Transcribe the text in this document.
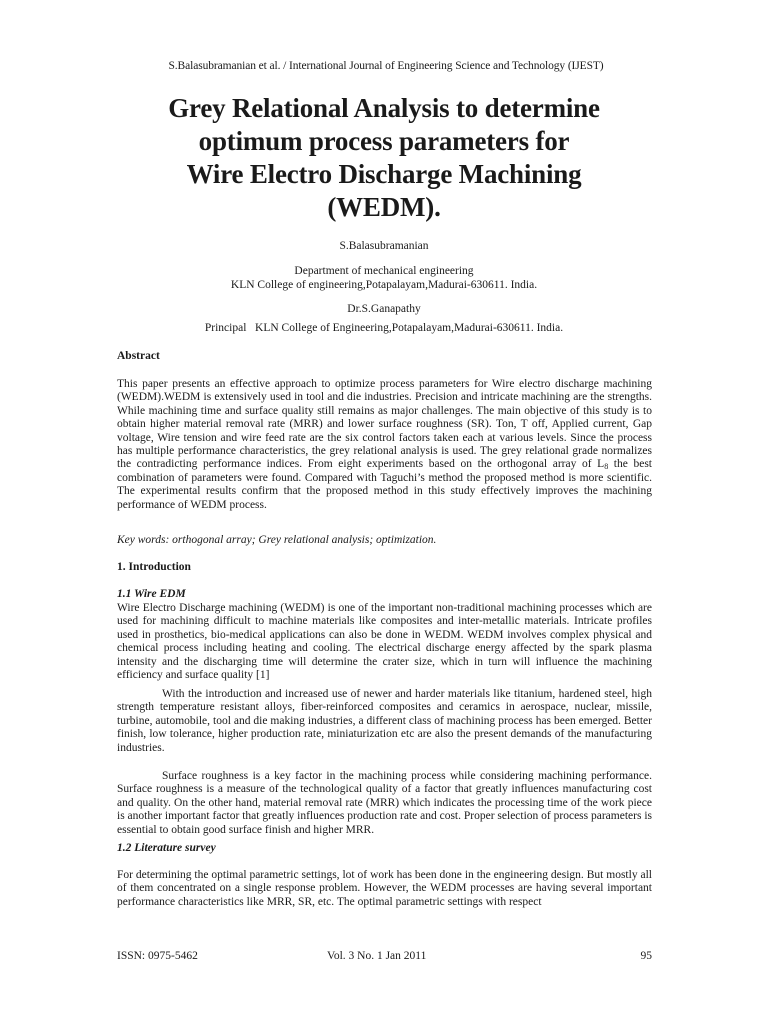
S.Balasubramanian et al. / International Journal of Engineering Science and Technology (IJEST)
Grey Relational Analysis to determine
optimum process parameters for
Wire Electro Discharge Machining
(WEDM).
S.Balasubramanian
Department of mechanical engineering
KLN College of engineering,Potapalayam,Madurai-630611. India.
Dr.S.Ganapathy
Principal   KLN College of Engineering,Potapalayam,Madurai-630611. India.
Abstract
This paper presents an effective approach to optimize process parameters for Wire electro discharge machining (WEDM).WEDM is extensively used in tool and die industries. Precision and intricate machining are the strengths. While machining time and surface quality still remains as major challenges. The main objective of this study is to obtain higher material removal rate (MRR) and lower surface roughness (SR). Ton, T off, Applied current, Gap voltage, Wire tension and wire feed rate are the six control factors taken each at various levels. Since the process has multiple performance characteristics, the grey relational analysis is used. The grey relational grade normalizes the contradicting performance indices. From eight experiments based on the orthogonal array of $L_8$ the best combination of parameters were found. Compared with Taguchi’s method the proposed method is more scientific. The experimental results confirm that the proposed method in this study effectively improves the machining performance of WEDM process.
Key words: orthogonal array; Grey relational analysis; optimization.
1. Introduction
1.1 Wire EDM
Wire Electro Discharge machining (WEDM) is one of the important non-traditional machining processes which are used for machining difficult to machine materials like composites and inter-metallic materials. Intricate profiles used in prosthetics, bio-medical applications can also be done in WEDM. WEDM involves complex physical and chemical process including heating and cooling. The electrical discharge energy affected by the spark plasma intensity and the discharging time will determine the crater size, which in turn will influence the machining efficiency and surface quality [1]
With the introduction and increased use of newer and harder materials like titanium, hardened steel, high strength temperature resistant alloys, fiber-reinforced composites and ceramics in aerospace, nuclear, missile, turbine, automobile, tool and die making industries, a different class of machining process has been emerged. Better finish, low tolerance, higher production rate, miniaturization etc are also the present demands of the manufacturing industries.
Surface roughness is a key factor in the machining process while considering machining performance. Surface roughness is a measure of the technological quality of a factor that greatly influences manufacturing cost and quality. On the other hand, material removal rate (MRR) which indicates the processing time of the work piece is another important factor that greatly influences production rate and cost. Proper selection of process parameters is essential to obtain good surface finish and higher MRR.
1.2 Literature survey
For determining the optimal parametric settings, lot of work has been done in the engineering design. But mostly all of them concentrated on a single response problem. However, the WEDM processes are having several important performance characteristics like MRR, SR, etc. The optimal parametric settings with respect
ISSN: 0975-5462	Vol. 3 No. 1 Jan 2011	95
